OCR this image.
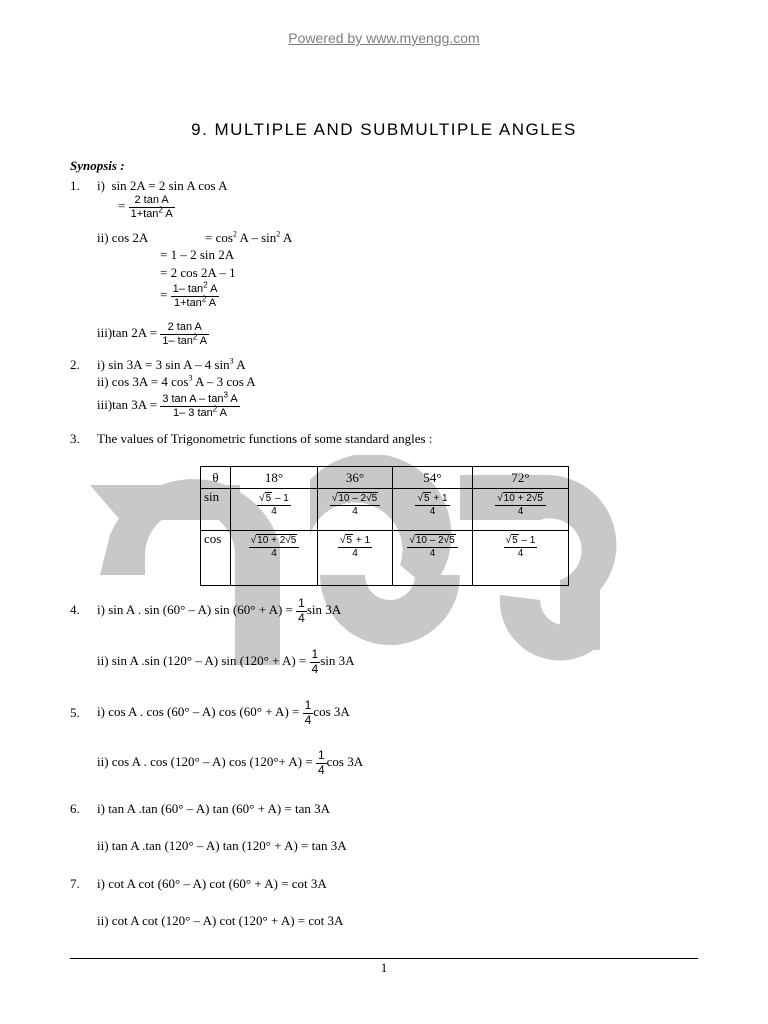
Powered by www.myengg.com
9. MULTIPLE AND SUBMULTIPLE ANGLES
Synopsis :
1. i) sin 2A = 2 sin A cos A
= $\frac{\text{2 tan A}}{1+\tan^2 A}$
ii) cos 2A	= $\cos^2 A - \sin^2 A$
= 1 – 2 sin 2A
= 2 cos 2A – 1
= $\frac{1- \tan^2 A}{1+\tan^2 A}$
iii)tan $2A = \frac{\text{2 tan A}}{1- \tan^2 A}$
2. i) sin 3A = 3 sin A – 4 $\sin^3 A$
ii) cos 3A = 4 $\cos^3 A - 3$ cos A
iii)tan $3A = \frac{3 \tan A - \tan^3 A}{1- 3 \tan^2 A}$
3. The values of Trigonometric functions of some standard angles :
θ	18°	36°	54°	72°
sin	$\frac{√5 - 1}{4}$	$\frac{√10 - 2√5}{4}$	$\frac{√5 + 1}{4}$	$\frac{√10 + 2√5}{4}$

cos	$\frac{√10 + 2√5}{4}$	$\frac{√5 + 1}{4}$	$\frac{√10 - 2√5}{4}$	$\frac{√5 - 1}{4}$
4. i) sin A . sin (60° – A) $\sin (60^\circ + A) = \frac{1}{4}$ sin 3A
ii) sin A .sin (120° – A) $\sin (120^\circ + A) = \frac{1}{4}$ sin 3A
5. i) cos A . cos (60° – A) $\cos (60^\circ + A) = \frac{1}{4}$ cos 3A
ii) cos A . cos (120° – A) $\cos (120^\circ+ A) = \frac{1}{4}$ cos 3A
6. i) tan A .tan (60° – A) tan (60° + A) = tan 3A
ii) tan A .tan (120° – A) tan (120° + A) = tan 3A
7. i) cot A cot (60° – A) cot (60° + A) = cot 3A
ii) cot A cot (120° – A) cot (120° + A) = cot 3A
1
